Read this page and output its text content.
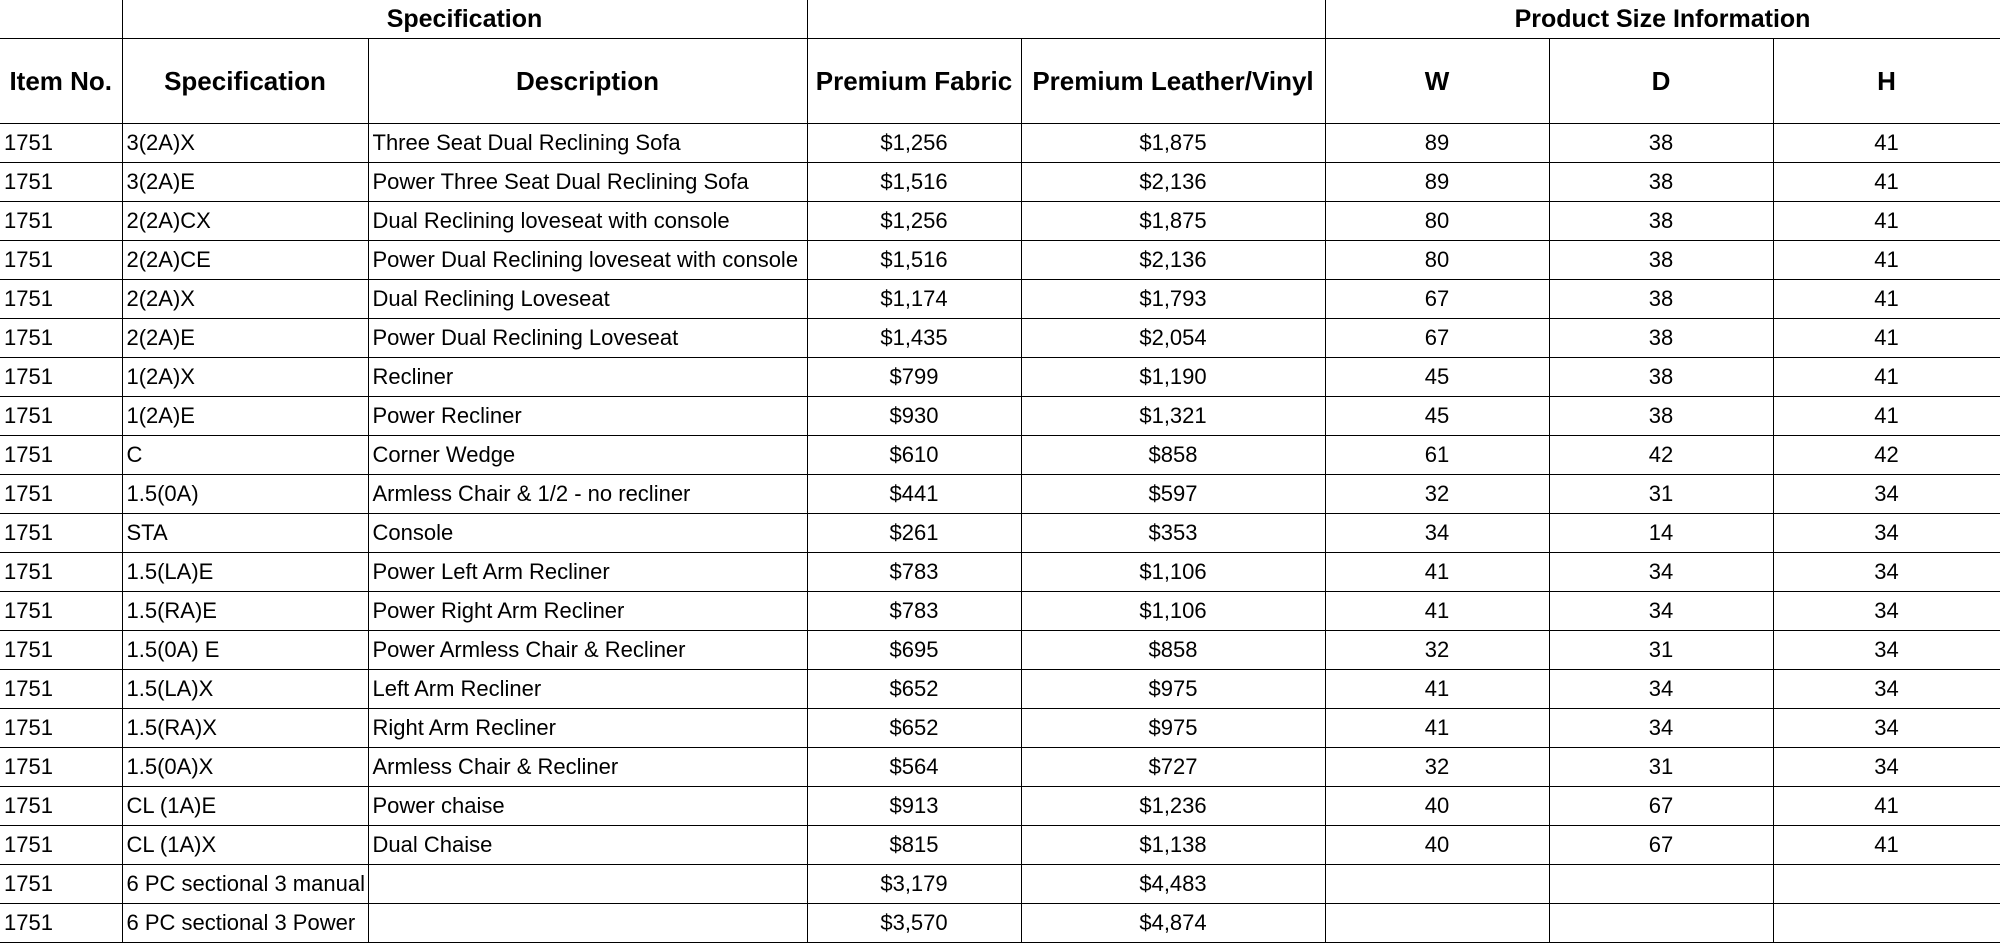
	Specification				Product Size Information		
Item No.	Specification	Description	Premium Fabric	Premium Leather/Vinyl	W	D	H
1751	3(2A)X	Three Seat Dual Reclining Sofa	$1,256	$1,875	89	38	41
1751	3(2A)E	Power Three Seat Dual Reclining Sofa	$1,516	$2,136	89	38	41
1751	2(2A)CX	Dual Reclining loveseat with console	$1,256	$1,875	80	38	41
1751	2(2A)CE	Power Dual Reclining loveseat with console	$1,516	$2,136	80	38	41
1751	2(2A)X	Dual Reclining Loveseat	$1,174	$1,793	67	38	41
1751	2(2A)E	Power Dual Reclining Loveseat	$1,435	$2,054	67	38	41
1751	1(2A)X	Recliner	$799	$1,190	45	38	41
1751	1(2A)E	Power Recliner	$930	$1,321	45	38	41
1751	C	Corner Wedge	$610	$858	61	42	42
1751	1.5(0A)	Armless Chair & 1/2 - no recliner	$441	$597	32	31	34
1751	STA	Console	$261	$353	34	14	34
1751	1.5(LA)E	Power Left Arm Recliner	$783	$1,106	41	34	34
1751	1.5(RA)E	Power Right Arm Recliner	$783	$1,106	41	34	34
1751	1.5(0A) E	Power Armless Chair & Recliner	$695	$858	32	31	34
1751	1.5(LA)X	Left Arm Recliner	$652	$975	41	34	34
1751	1.5(RA)X	Right Arm Recliner	$652	$975	41	34	34
1751	1.5(0A)X	Armless Chair & Recliner	$564	$727	32	31	34
1751	CL (1A)E	Power chaise	$913	$1,236	40	67	41
1751	CL (1A)X	Dual Chaise	$815	$1,138	40	67	41
1751	6 PC sectional 3 manual		$3,179	$4,483			
1751	6 PC sectional 3 Power		$3,570	$4,874			
